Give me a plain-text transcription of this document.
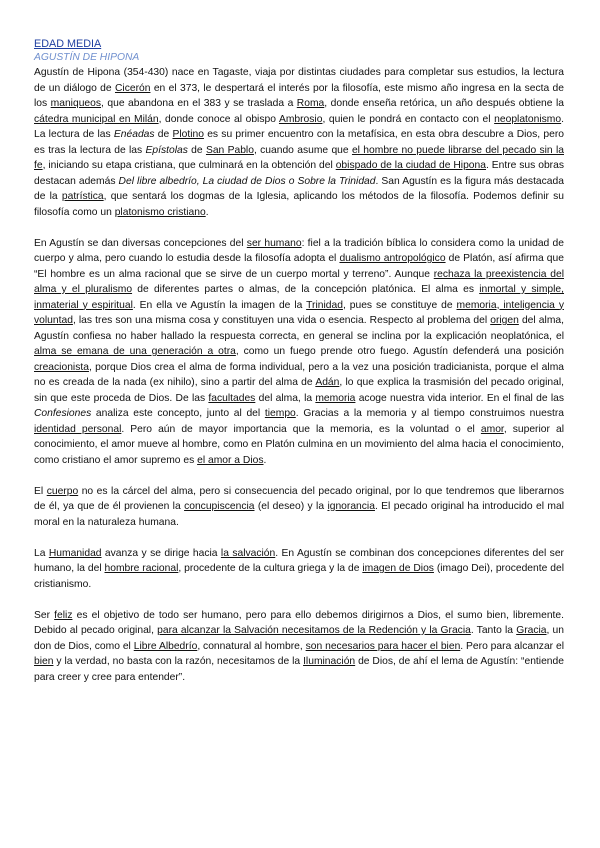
EDAD MEDIA
AGUSTÍN DE HIPONA

Agustín de Hipona (354-430) nace en Tagaste, viaja por distintas ciudades para completar sus estudios, la lectura de un diálogo de Cicerón en el 373, le despertará el interés por la filosofía, este mismo año ingresa en la secta de los maniqueos, que abandona en el 383 y se traslada a Roma, donde enseña retórica, un año después obtiene la cátedra municipal en Milán, donde conoce al obispo Ambrosio, quien le pondrá en contacto con el neoplatonismo. La lectura de las Enéadas de Plotino es su primer encuentro con la metafísica, en esta obra descubre a Dios, pero es tras la lectura de las Epístolas de San Pablo, cuando asume que el hombre no puede librarse del pecado sin la fe, iniciando su etapa cristiana, que culminará en la obtención del obispado de la ciudad de Hipona. Entre sus obras destacan además Del libre albedrío, La ciudad de Dios o Sobre la Trinidad. San Agustín es la figura más destacada de la patrística, que sentará los dogmas de la Iglesia, aplicando los métodos de la filosofía. Podemos definir su filosofía como un platonismo cristiano.

En Agustín se dan diversas concepciones del ser humano: fiel a la tradición bíblica lo considera como la unidad de cuerpo y alma, pero cuando lo estudia desde la filosofía adopta el dualismo antropológico de Platón, así afirma que “El hombre es un alma racional que se sirve de un cuerpo mortal y terreno”. Aunque rechaza la preexistencia del alma y el pluralismo de diferentes partes o almas, de la concepción platónica. El alma es inmortal y simple, inmaterial y espiritual. En ella ve Agustín la imagen de la Trinidad, pues se constituye de memoria, inteligencia y voluntad, las tres son una misma cosa y constituyen una vida o esencia. Respecto al problema del origen del alma, Agustín confiesa no haber hallado la respuesta correcta, en general se inclina por la explicación neoplatónica, el alma se emana de una generación a otra, como un fuego prende otro fuego. Agustín defenderá una posición creacionista, porque Dios crea el alma de forma individual, pero a la vez una posición tradicianista, porque el alma no es creada de la nada (ex nihilo), sino a partir del alma de Adán, lo que explica la trasmisión del pecado original, sin que este proceda de Dios. De las facultades del alma, la memoria acoge nuestra vida interior. En el final de las Confesiones analiza este concepto, junto al del tiempo. Gracias a la memoria y al tiempo construimos nuestra identidad personal. Pero aún de mayor importancia que la memoria, es la voluntad o el amor, superior al conocimiento, el amor mueve al hombre, como en Platón culmina en un movimiento del alma hacia el conocimiento, como cristiano el amor supremo es el amor a Dios.

El cuerpo no es la cárcel del alma, pero si consecuencia del pecado original, por lo que tendremos que liberarnos de él, ya que de él provienen la concupiscencia (el deseo) y la ignorancia. El pecado original ha introducido el mal moral en la naturaleza humana.

La Humanidad avanza y se dirige hacia la salvación. En Agustín se combinan dos concepciones diferentes del ser humano, la del hombre racional, procedente de la cultura griega y la de imagen de Dios (imago Dei), procedente del cristianismo.

Ser feliz es el objetivo de todo ser humano, pero para ello debemos dirigirnos a Dios, el sumo bien, libremente. Debido al pecado original, para alcanzar la Salvación necesitamos de la Redención y la Gracia. Tanto la Gracia, un don de Dios, como el Libre Albedrío, connatural al hombre, son necesarios para hacer el bien. Pero para alcanzar el bien y la verdad, no basta con la razón, necesitamos de la Iluminación de Dios, de ahí el lema de Agustín: “entiende para creer y cree para entender”.
